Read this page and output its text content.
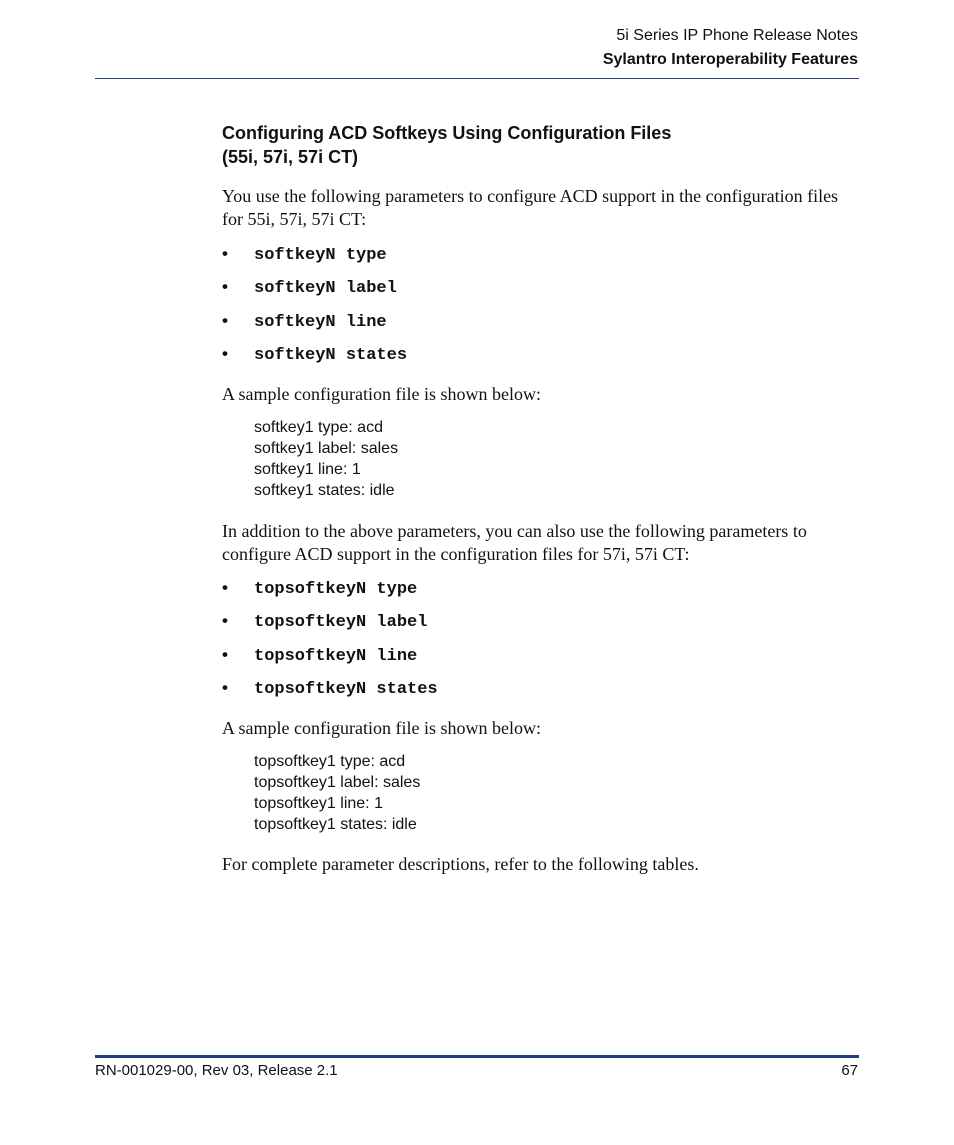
5i Series IP Phone Release Notes
Sylantro Interoperability Features
Configuring ACD Softkeys Using Configuration Files
(55i, 57i, 57i CT)
You use the following parameters to configure ACD support in the configuration files for 55i, 57i, 57i CT:
• softkeyN type
• softkeyN label
• softkeyN line
• softkeyN states
A sample configuration file is shown below:
softkey1 type: acd
softkey1 label: sales
softkey1 line: 1
softkey1 states: idle
In addition to the above parameters, you can also use the following parameters to configure ACD support in the configuration files for 57i, 57i CT:
• topsoftkeyN type
• topsoftkeyN label
• topsoftkeyN line
• topsoftkeyN states
A sample configuration file is shown below:
topsoftkey1 type: acd
topsoftkey1 label: sales
topsoftkey1 line: 1
topsoftkey1 states: idle
For complete parameter descriptions, refer to the following tables.
RN-001029-00, Rev 03, Release 2.1	67
